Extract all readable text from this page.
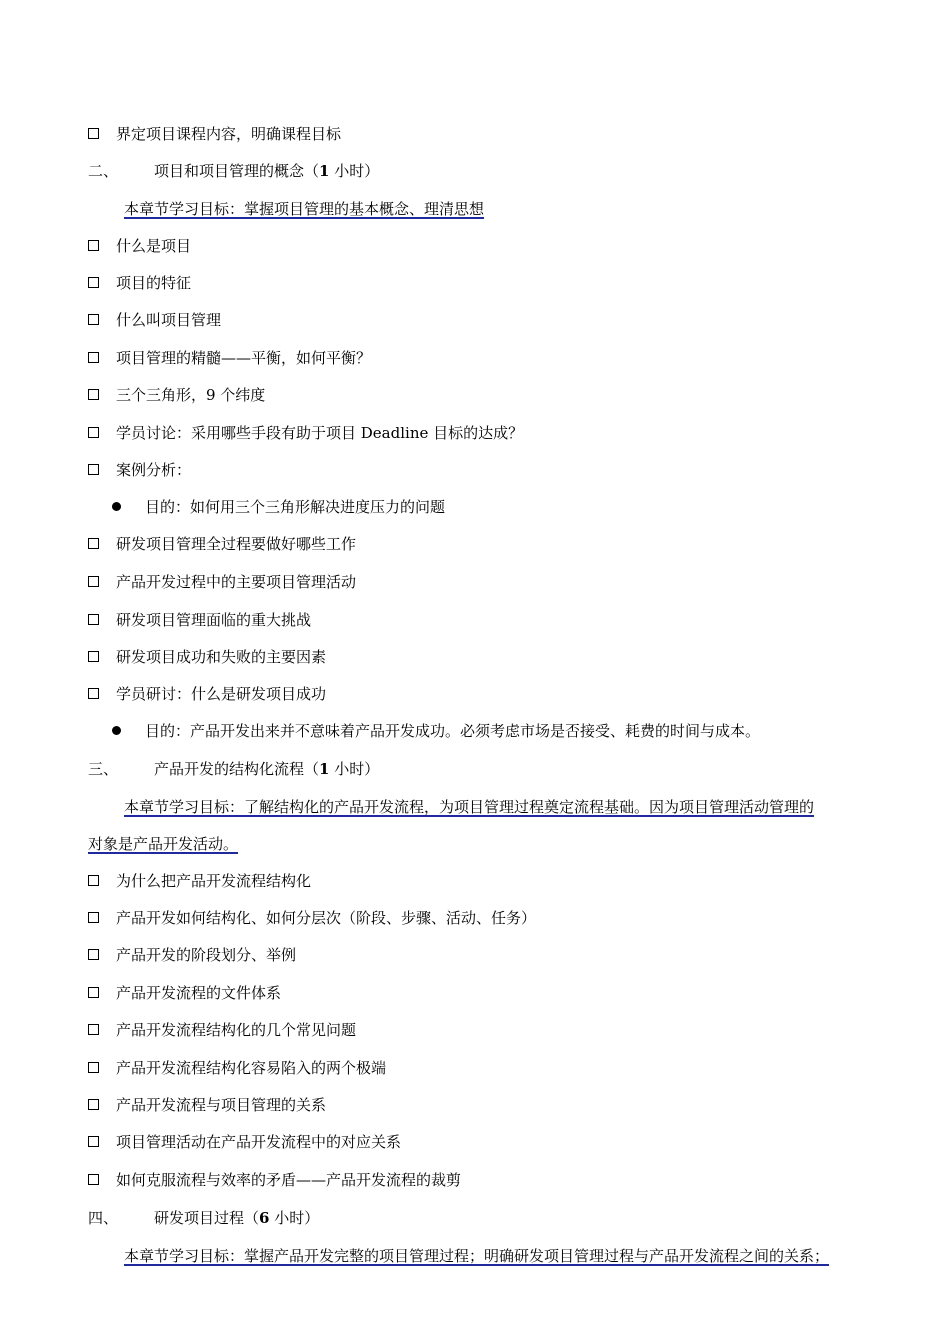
界定项目课程内容，明确课程目标
二、 项目和项目管理的概念（1 小时）
本章节学习目标：掌握项目管理的基本概念、理清思想
什么是项目
项目的特征
什么叫项目管理
项目管理的精髓——平衡，如何平衡？
三个三角形，9 个纬度
学员讨论：采用哪些手段有助于项目 Deadline 目标的达成？
案例分析：
目的：如何用三个三角形解决进度压力的问题
研发项目管理全过程要做好哪些工作
产品开发过程中的主要项目管理活动
研发项目管理面临的重大挑战
研发项目成功和失败的主要因素
学员研讨：什么是研发项目成功
目的：产品开发出来并不意味着产品开发成功。必须考虑市场是否接受、耗费的时间与成本。
三、 产品开发的结构化流程（1 小时）
本章节学习目标：了解结构化的产品开发流程，为项目管理过程奠定流程基础。因为项目管理活动管理的
对象是产品开发活动。
为什么把产品开发流程结构化
产品开发如何结构化、如何分层次（阶段、步骤、活动、任务）
产品开发的阶段划分、举例
产品开发流程的文件体系
产品开发流程结构化的几个常见问题
产品开发流程结构化容易陷入的两个极端
产品开发流程与项目管理的关系
项目管理活动在产品开发流程中的对应关系
如何克服流程与效率的矛盾——产品开发流程的裁剪
四、 研发项目过程（6 小时）
本章节学习目标：掌握产品开发完整的项目管理过程；明确研发项目管理过程与产品开发流程之间的关系；
